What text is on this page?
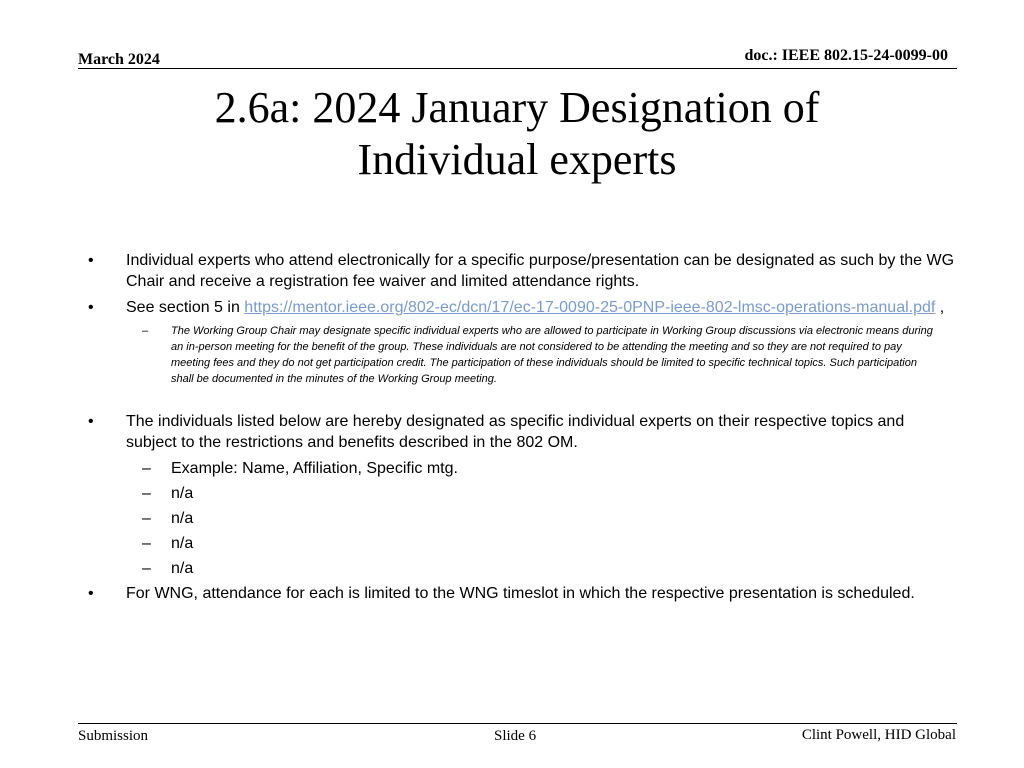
March 2024	doc.: IEEE 802.15-24-0099-00
2.6a: 2024 January Designation of
Individual experts
• Individual experts who attend electronically for a specific purpose/presentation can be designated as such by the WG Chair and receive a registration fee waiver and limited attendance rights.
• See section 5 in https://mentor.ieee.org/802-ec/dcn/17/ec-17-0090-25-0PNP-ieee-802-lmsc-operations-manual.pdf ,
– The Working Group Chair may designate specific individual experts who are allowed to participate in Working Group discussions via electronic means during an in-person meeting for the benefit of the group. These individuals are not considered to be attending the meeting and so they are not required to pay meeting fees and they do not get participation credit. The participation of these individuals should be limited to specific technical topics. Such participation shall be documented in the minutes of the Working Group meeting.
• The individuals listed below are hereby designated as specific individual experts on their respective topics and subject to the restrictions and benefits described in the 802 OM.
– Example: Name, Affiliation, Specific mtg.
– n/a
– n/a
– n/a
– n/a
• For WNG, attendance for each is limited to the WNG timeslot in which the respective presentation is scheduled.
Submission	Slide 6	Clint Powell, HID Global
